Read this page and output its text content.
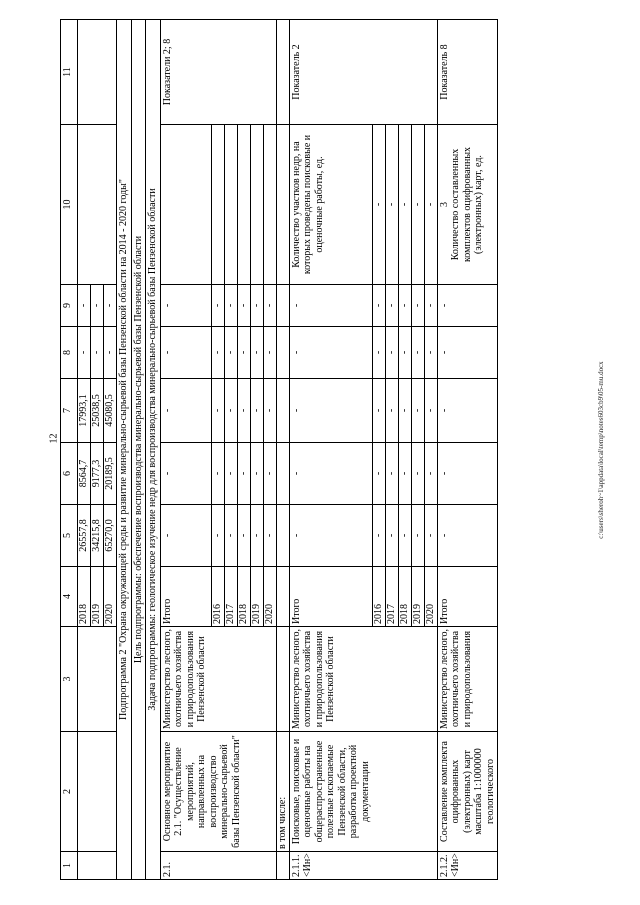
12
1	2	3	4	5	6	7	8	9	10	11
			2018	26557,8	8564,7	17993,1	-	-		
			2019	34215,8	9177,3	25038,5	-	-		
			2020	65270,0	20189,5	45080,5	-	-		
Подпрограмма 2 "Охрана окружающей среды и развитие минерально-сырьевой базы Пензенской области на 2014 - 2020 годы"										
Цель подпрограммы: обеспечение воспроизводства минерально-сырьевой базы Пензенской области										
Задача подпрограммы: геологическое изучение недр для воспроизводства минерально-сырьевой базы Пензенской области										
2.1.	Основное мероприятие 2.1. "Осуществление мероприятий, направленных на воспроизводство минерально-сырьевой базы Пензенской области"	Министерство лесного, охотничьего хозяйства и природопользования Пензенской области	Итого	-	-	-	-	-		Показатели 2; 8
			2016	-	-	-	-	-		
			2017	-	-	-	-	-		
			2018	-	-	-	-	-		
			2019	-	-	-	-	-		
			2020	-	-	-	-	-		
	в том числе:									
2.1.1. <Ин>	Поисковые, поисковые и оценочные работы на общераспространенные полезные ископаемые Пензенской области, разработка проектной документации	Министерство лесного, охотничьего хозяйства и природопользования Пензенской области	Итого	-	-	-	-	-	Количество участков недр, на которых проведены поисковые и оценочные работы, ед.	Показатель 2
			2016	-	-	-	-	-	-	
			2017	-	-	-	-	-	-	
			2018	-	-	-	-	-	-	
			2019	-	-	-	-	-	-	
			2020	-	-	-	-	-	-	
2.1.2. <Ин>	Составление комплекта оцифрованных (электронных) карт масштаба 1:1000000 геологического	Министерство лесного, охотничьего хозяйства и природопользования	Итого	-	-	-	-	-	3 Количество составленных комплектов оцифрованных (электронных) карт, ед.	Показатель 8
c:\users\sheroh~1\appdata\local\temp\notes603cb9\05-mu.docx
